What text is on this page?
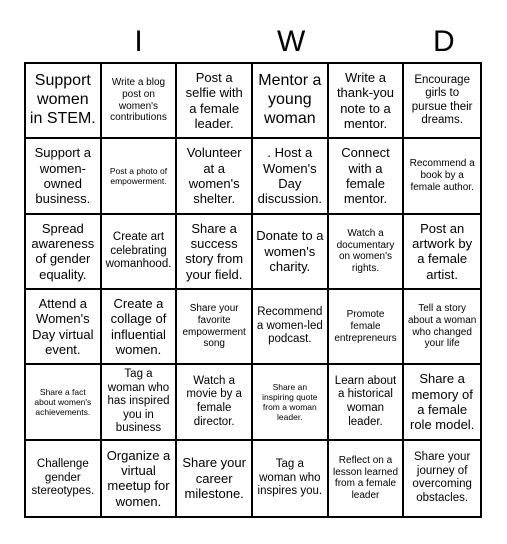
I	W	D
Support women in STEM.
Write a blog post on women's contributions
Post a selfie with a female leader.
Mentor a young woman
Write a thank-you note to a mentor.
Encourage girls to pursue their dreams.
Support a women-owned business.
Post a photo of empowerment.
Volunteer at a women's shelter.
. Host a Women's Day discussion.
Connect with a female mentor.
Recommend a book by a female author.
Spread awareness of gender equality.
Create art celebrating womanhood.
Share a success story from your field.
Donate to a women's charity.
Watch a documentary on women's rights.
Post an artwork by a female artist.
Attend a Women's Day virtual event.
Create a collage of influential women.
Share your favorite empowerment song
Recommend a women-led podcast.
Promote female entrepreneurs
Tell a story about a woman who changed your life
Share a fact about women's achievements.
Tag a woman who has inspired you in business
Watch a movie by a female director.
Share an inspiring quote from a woman leader.
Learn about a historical woman leader.
Share a memory of a female role model.
Challenge gender stereotypes.
Organize a virtual meetup for women.
Share your career milestone.
Tag a woman who inspires you.
Reflect on a lesson learned from a female leader
Share your journey of overcoming obstacles.
